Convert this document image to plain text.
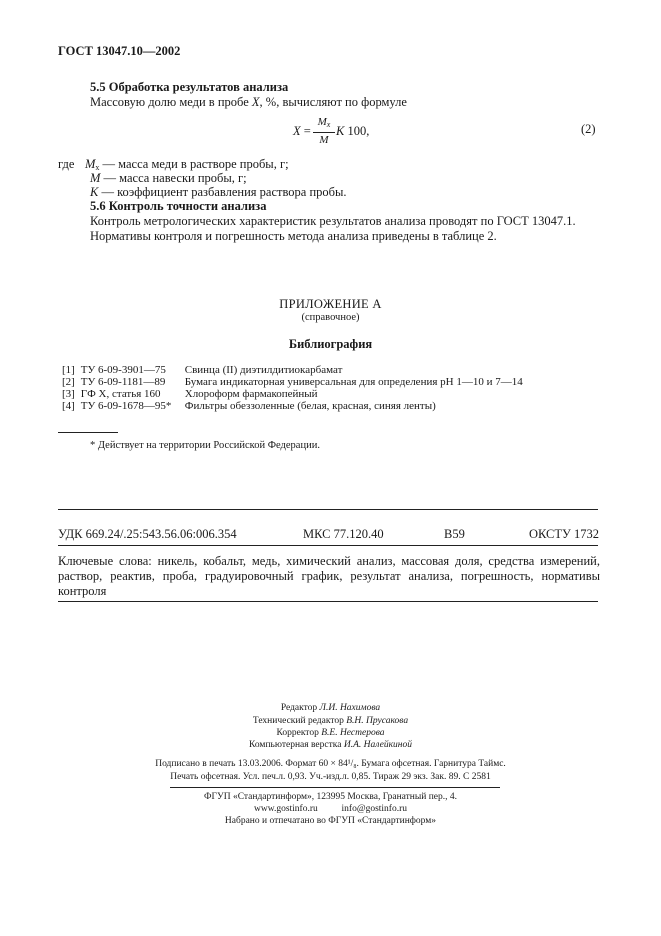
ГОСТ 13047.10—2002
5.5 Обработка результатов анализа
Массовую долю меди в пробе X, %, вычисляют по формуле
X =
$M_x$
M
K 100,	(2)
где $M_x$ — масса меди в растворе пробы, г;
M — масса навески пробы, г;
K — коэффициент разбавления раствора пробы.
5.6 Контроль точности анализа
Контроль метрологических характеристик результатов анализа проводят по ГОСТ 13047.1.
Нормативы контроля и погрешность метода анализа приведены в таблице 2.
ПРИЛОЖЕНИЕ А
(справочное)
Библиография
[1] ТУ 6-09-3901—75 Свинца (II) диэтилдитиокарбамат
[2] ТУ 6-09-1181—89 Бумага индикаторная универсальная для определения рН 1—10 и 7—14
[3] ГФ X, статья 160 Хлороформ фармакопейный
[4] ТУ 6-09-1678—95* Фильтры обеззоленные (белая, красная, синяя ленты)
* Действует на территории Российской Федерации.
УДК 669.24/.25:543.56.06:006.354	МКС 77.120.40	В59	ОКСТУ 1732
Ключевые слова: никель, кобальт, медь, химический анализ, массовая доля, средства измерений, раствор, реактив, проба, градуировочный график, результат анализа, погрешность, нормативы контроля
Редактор Л.И. Нахимова
Технический редактор В.Н. Прусакова
Корректор В.Е. Нестерова
Компьютерная верстка И.А. Налейкиной
Подписано в печать 13.03.2006. Формат 60 × 84¹/₈. Бумага офсетная. Гарнитура Таймс.
Печать офсетная. Усл. печ.л. 0,93. Уч.-изд.л. 0,85. Тираж 29 экз. Зак. 89. С 2581
ФГУП «Стандартинформ», 123995 Москва, Гранатный пер., 4.
www.gostinfo.ru	info@gostinfo.ru
Набрано и отпечатано во ФГУП «Стандартинформ»
